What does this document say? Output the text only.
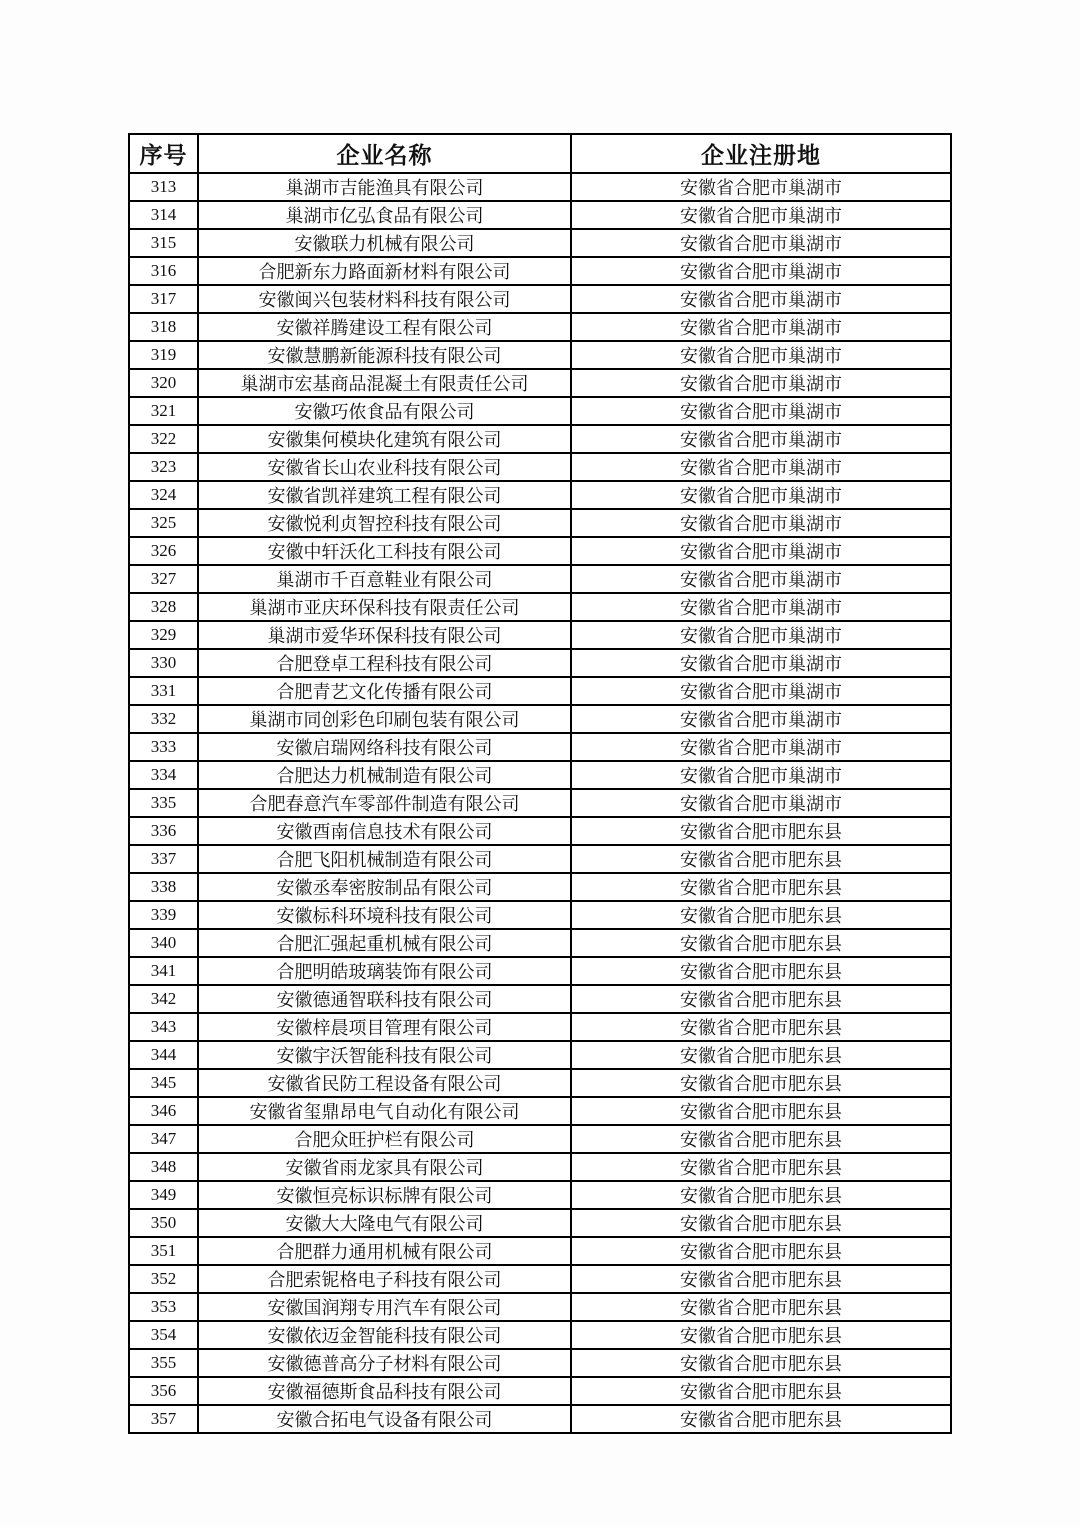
序号	企业名称	企业注册地
313	巢湖市吉能渔具有限公司	安徽省合肥市巢湖市
314	巢湖市亿弘食品有限公司	安徽省合肥市巢湖市
315	安徽联力机械有限公司	安徽省合肥市巢湖市
316	合肥新东力路面新材料有限公司	安徽省合肥市巢湖市
317	安徽闽兴包装材料科技有限公司	安徽省合肥市巢湖市
318	安徽祥腾建设工程有限公司	安徽省合肥市巢湖市
319	安徽慧鹏新能源科技有限公司	安徽省合肥市巢湖市
320	巢湖市宏基商品混凝土有限责任公司	安徽省合肥市巢湖市
321	安徽巧侬食品有限公司	安徽省合肥市巢湖市
322	安徽集何模块化建筑有限公司	安徽省合肥市巢湖市
323	安徽省长山农业科技有限公司	安徽省合肥市巢湖市
324	安徽省凯祥建筑工程有限公司	安徽省合肥市巢湖市
325	安徽悦利贞智控科技有限公司	安徽省合肥市巢湖市
326	安徽中轩沃化工科技有限公司	安徽省合肥市巢湖市
327	巢湖市千百意鞋业有限公司	安徽省合肥市巢湖市
328	巢湖市亚庆环保科技有限责任公司	安徽省合肥市巢湖市
329	巢湖市爱华环保科技有限公司	安徽省合肥市巢湖市
330	合肥登卓工程科技有限公司	安徽省合肥市巢湖市
331	合肥青艺文化传播有限公司	安徽省合肥市巢湖市
332	巢湖市同创彩色印刷包装有限公司	安徽省合肥市巢湖市
333	安徽启瑞网络科技有限公司	安徽省合肥市巢湖市
334	合肥达力机械制造有限公司	安徽省合肥市巢湖市
335	合肥春意汽车零部件制造有限公司	安徽省合肥市巢湖市
336	安徽酉南信息技术有限公司	安徽省合肥市肥东县
337	合肥飞阳机械制造有限公司	安徽省合肥市肥东县
338	安徽丞奉密胺制品有限公司	安徽省合肥市肥东县
339	安徽标科环境科技有限公司	安徽省合肥市肥东县
340	合肥汇强起重机械有限公司	安徽省合肥市肥东县
341	合肥明皓玻璃装饰有限公司	安徽省合肥市肥东县
342	安徽德通智联科技有限公司	安徽省合肥市肥东县
343	安徽梓晨项目管理有限公司	安徽省合肥市肥东县
344	安徽宇沃智能科技有限公司	安徽省合肥市肥东县
345	安徽省民防工程设备有限公司	安徽省合肥市肥东县
346	安徽省玺鼎昂电气自动化有限公司	安徽省合肥市肥东县
347	合肥众旺护栏有限公司	安徽省合肥市肥东县
348	安徽省雨龙家具有限公司	安徽省合肥市肥东县
349	安徽恒亮标识标牌有限公司	安徽省合肥市肥东县
350	安徽大大隆电气有限公司	安徽省合肥市肥东县
351	合肥群力通用机械有限公司	安徽省合肥市肥东县
352	合肥索铌格电子科技有限公司	安徽省合肥市肥东县
353	安徽国润翔专用汽车有限公司	安徽省合肥市肥东县
354	安徽依迈金智能科技有限公司	安徽省合肥市肥东县
355	安徽德普高分子材料有限公司	安徽省合肥市肥东县
356	安徽福德斯食品科技有限公司	安徽省合肥市肥东县
357	安徽合拓电气设备有限公司	安徽省合肥市肥东县
